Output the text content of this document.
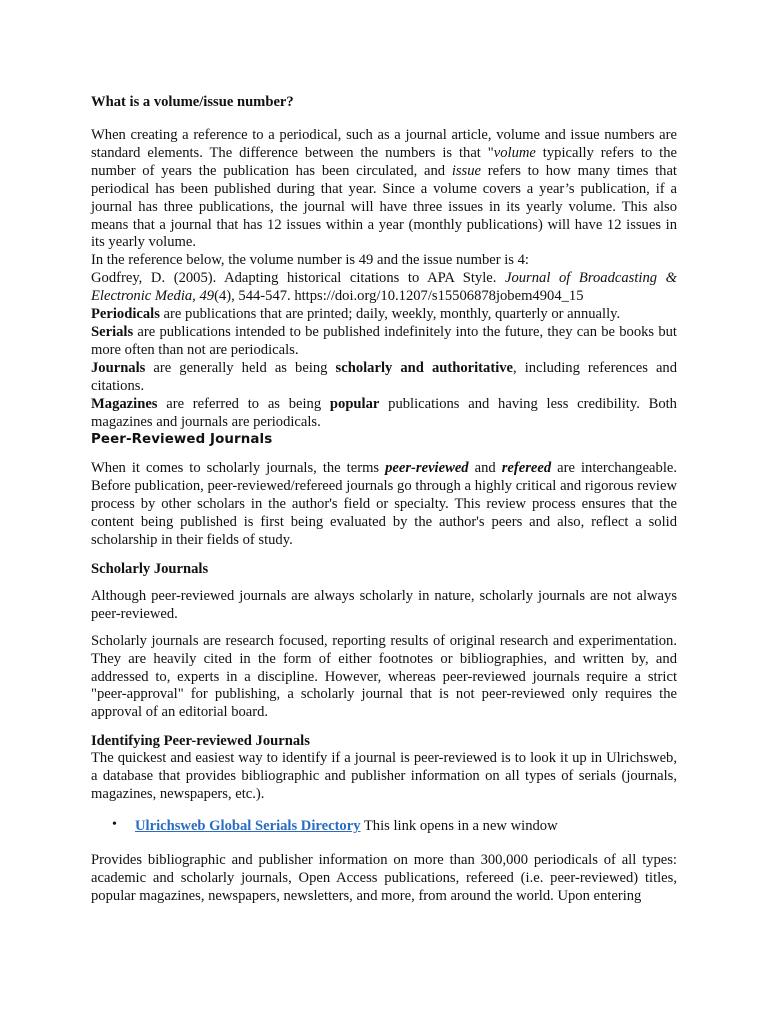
What is a volume/issue number?

When creating a reference to a periodical, such as a journal article, volume and issue numbers are standard elements. The difference between the numbers is that "volume typically refers to the number of years the publication has been circulated, and issue refers to how many times that periodical has been published during that year. Since a volume covers a year’s publication, if a journal has three publications, the journal will have three issues in its yearly volume. This also means that a journal that has 12 issues within a year (monthly publications) will have 12 issues in its yearly volume.

In the reference below, the volume number is 49 and the issue number is 4:

Godfrey, D. (2005). Adapting historical citations to APA Style. Journal of Broadcasting & Electronic Media, 49(4), 544-547. https://doi.org/10.1207/s15506878jobem4904_15

Periodicals are publications that are printed; daily, weekly, monthly, quarterly or annually.

Serials are publications intended to be published indefinitely into the future, they can be books but more often than not are periodicals.

Journals are generally held as being scholarly and authoritative, including references and citations.

Magazines are referred to as being popular publications and having less credibility. Both magazines and journals are periodicals.

Peer-Reviewed Journals

When it comes to scholarly journals, the terms peer-reviewed and refereed are interchangeable. Before publication, peer-reviewed/refereed journals go through a highly critical and rigorous review process by other scholars in the author's field or specialty. This review process ensures that the content being published is first being evaluated by the author's peers and also, reflect a solid scholarship in their fields of study.

Scholarly Journals

Although peer-reviewed journals are always scholarly in nature, scholarly journals are not always peer-reviewed.

Scholarly journals are research focused, reporting results of original research and experimentation. They are heavily cited in the form of either footnotes or bibliographies, and written by, and addressed to, experts in a discipline. However, whereas peer-reviewed journals require a strict "peer-approval" for publishing, a scholarly journal that is not peer-reviewed only requires the approval of an editorial board.

Identifying Peer-reviewed Journals

The quickest and easiest way to identify if a journal is peer-reviewed is to look it up in Ulrichsweb, a database that provides bibliographic and publisher information on all types of serials (journals, magazines, newspapers, etc.).

• Ulrichsweb Global Serials Directory This link opens in a new window

Provides bibliographic and publisher information on more than 300,000 periodicals of all types: academic and scholarly journals, Open Access publications, refereed (i.e. peer-reviewed) titles, popular magazines, newspapers, newsletters, and more, from around the world. Upon entering
